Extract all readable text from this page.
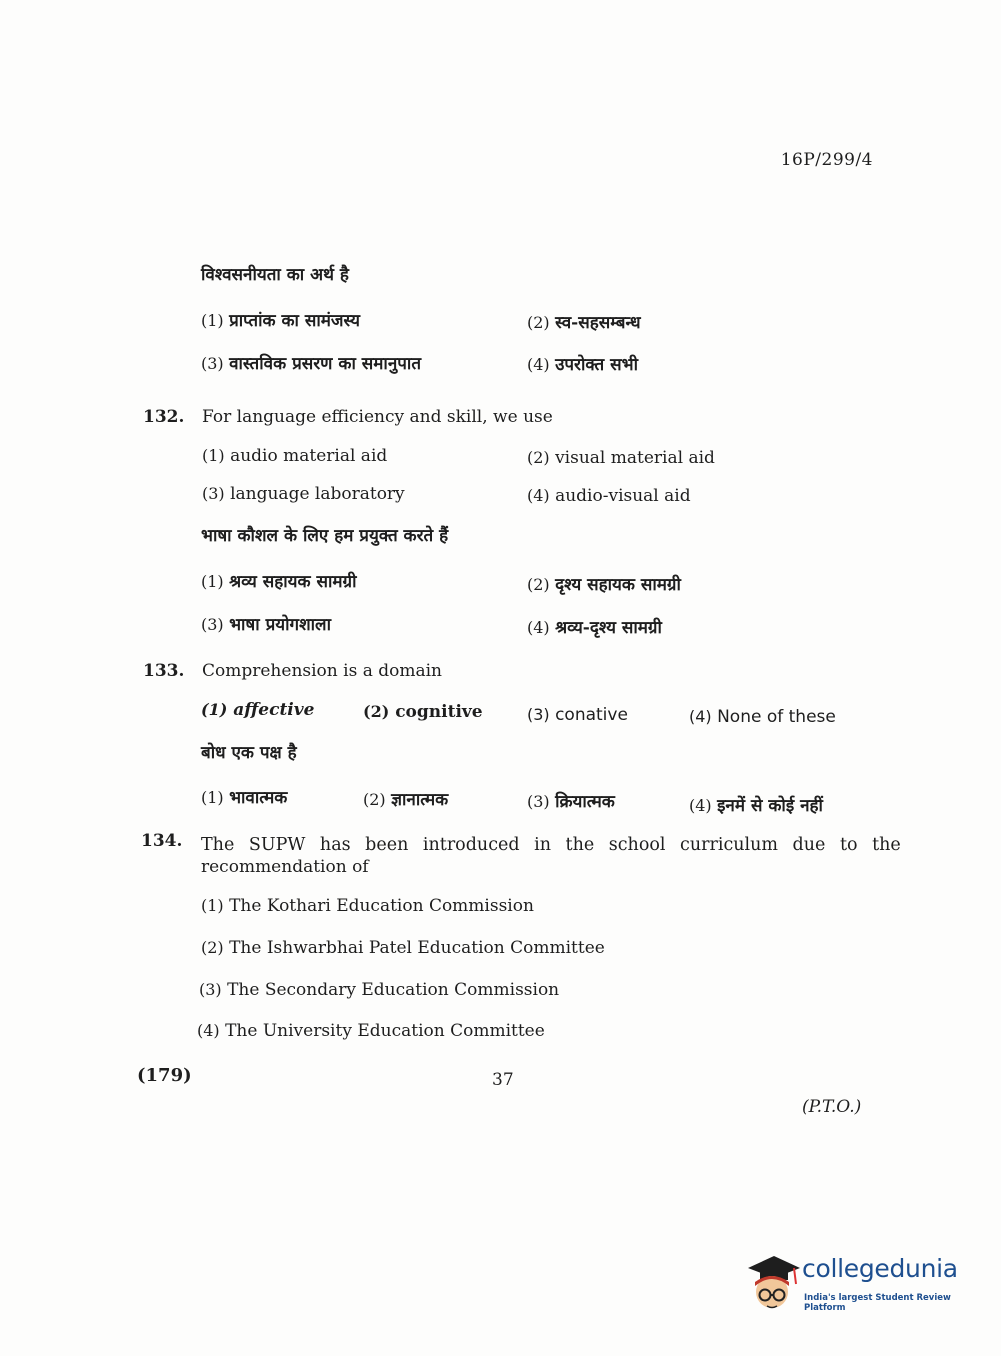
16P/299/4
विश्वसनीयता का अर्थ है
(1) प्राप्तांक का सामंजस्य	(2) स्व-सहसम्बन्ध
(3) वास्तविक प्रसरण का समानुपात	(4) उपरोक्त सभी
132. For language efficiency and skill, we use
(1) audio material aid	(2) visual material aid
(3) language laboratory	(4) audio-visual aid
भाषा कौशल के लिए हम प्रयुक्त करते हैं
(1) श्रव्य सहायक सामग्री	(2) दृश्य सहायक सामग्री
(3) भाषा प्रयोगशाला	(4) श्रव्य-दृश्य सामग्री
133. Comprehension is a domain
(1) affective	(2) cognitive	(3) conative	(4) None of these
बोध एक पक्ष है
(1) भावात्मक	(2) ज्ञानात्मक	(3) क्रियात्मक	(4) इनमें से कोई नहीं
134. The SUPW has been introduced in the school curriculum due to the
recommendation of
(1) The Kothari Education Commission
(2) The Ishwarbhai Patel Education Committee
(3) The Secondary Education Commission
(4) The University Education Committee
(179)	37
(P.T.O.)
collegedunia
India's largest Student Review Platform
